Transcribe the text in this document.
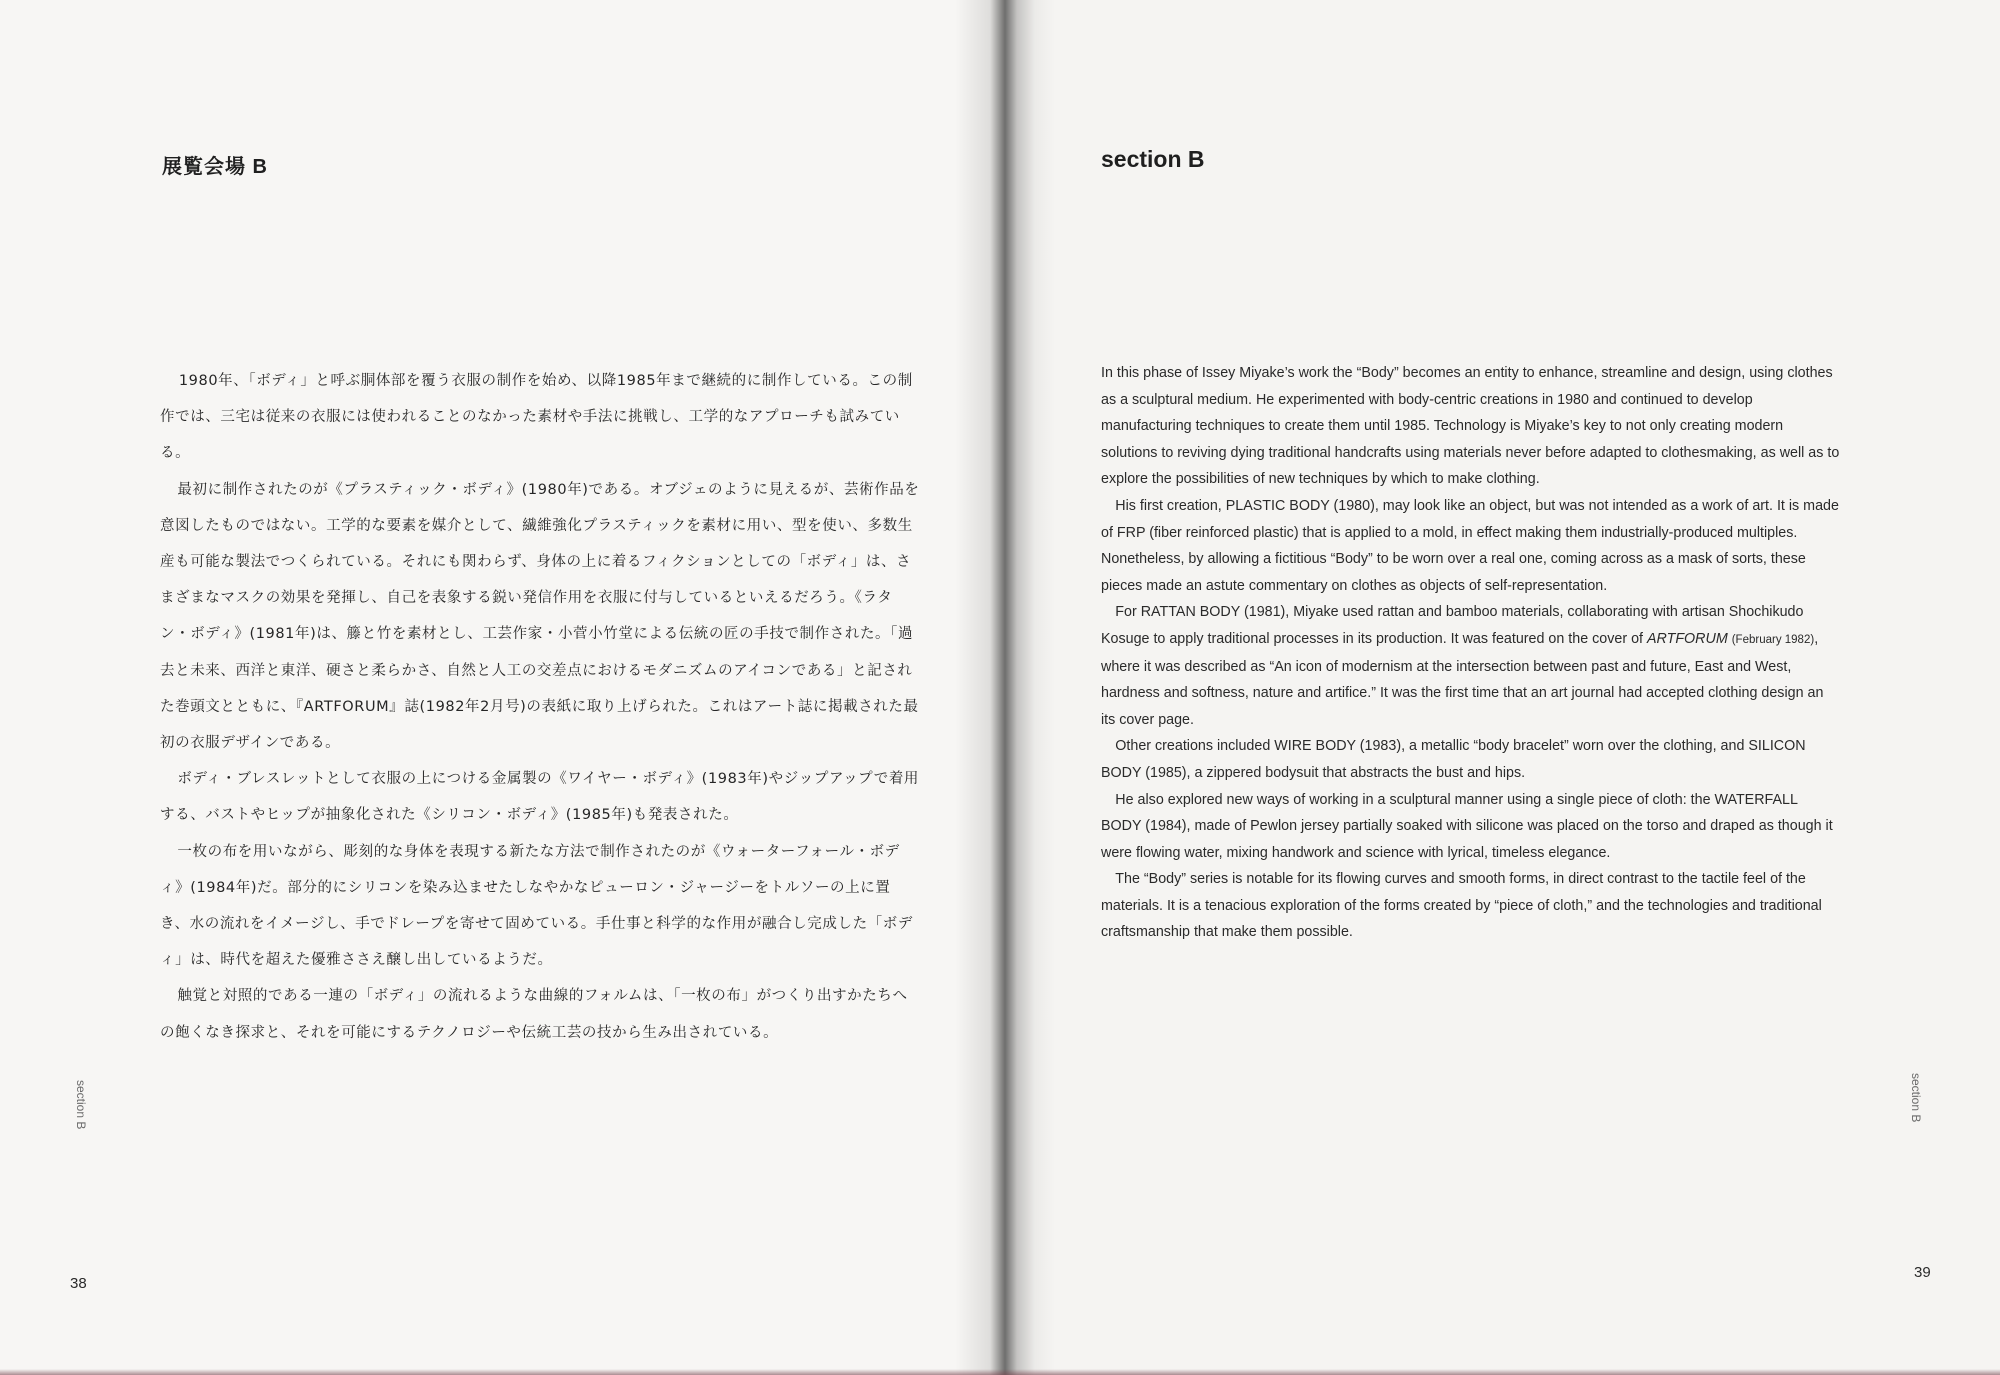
展覧会場 B

1980年、「ボディ」と呼ぶ胴体部を覆う衣服の制作を始め、以降1985年まで継続的に制作している。この制作では、三宅は従来の衣服には使われることのなかった素材や手法に挑戦し、工学的なアプローチも試みている。

最初に制作されたのが《プラスティック・ボディ》(1980年)である。オブジェのように見えるが、芸術作品を意図したものではない。工学的な要素を媒介として、繊維強化プラスティックを素材に用い、型を使い、多数生産も可能な製法でつくられている。それにも関わらず、身体の上に着るフィクションとしての「ボディ」は、さまざまなマスクの効果を発揮し、自己を表象する鋭い発信作用を衣服に付与しているといえるだろう。《ラタン・ボディ》(1981年)は、籐と竹を素材とし、工芸作家・小菅小竹堂による伝統の匠の手技で制作された。「過去と未来、西洋と東洋、硬さと柔らかさ、自然と人工の交差点におけるモダニズムのアイコンである」と記された巻頭文とともに、『ARTFORUM』誌(1982年2月号)の表紙に取り上げられた。これはアート誌に掲載された最初の衣服デザインである。

ボディ・ブレスレットとして衣服の上につける金属製の《ワイヤー・ボディ》(1983年)やジップアップで着用する、バストやヒップが抽象化された《シリコン・ボディ》(1985年)も発表された。

一枚の布を用いながら、彫刻的な身体を表現する新たな方法で制作されたのが《ウォーターフォール・ボディ》(1984年)だ。部分的にシリコンを染み込ませたしなやかなピューロン・ジャージーをトルソーの上に置き、水の流れをイメージし、手でドレープを寄せて固めている。手仕事と科学的な作用が融合し完成した「ボディ」は、時代を超えた優雅ささえ醸し出しているようだ。

触覚と対照的である一連の「ボディ」の流れるような曲線的フォルムは、「一枚の布」がつくり出すかたちへの飽くなき探求と、それを可能にするテクノロジーや伝統工芸の技から生み出されている。

section B
38
section B

In this phase of Issey Miyake’s work the “Body” becomes an entity to enhance, streamline and design, using clothes as a sculptural medium. He experimented with body-centric creations in 1980 and continued to develop manufacturing techniques to create them until 1985. Technology is Miyake’s key to not only creating modern solutions to reviving dying traditional handcrafts using materials never before adapted to clothesmaking, as well as to explore the possibilities of new techniques by which to make clothing.

His first creation, PLASTIC BODY (1980), may look like an object, but was not intended as a work of art. It is made of FRP (fiber reinforced plastic) that is applied to a mold, in effect making them industrially-produced multiples. Nonetheless, by allowing a fictitious “Body” to be worn over a real one, coming across as a mask of sorts, these pieces made an astute commentary on clothes as objects of self-representation.

For RATTAN BODY (1981), Miyake used rattan and bamboo materials, collaborating with artisan Shochikudo Kosuge to apply traditional processes in its production. It was featured on the cover of ARTFORUM (February 1982), where it was described as “An icon of modernism at the intersection between past and future, East and West, hardness and softness, nature and artifice.” It was the first time that an art journal had accepted clothing design an its cover page.

Other creations included WIRE BODY (1983), a metallic “body bracelet” worn over the clothing, and SILICON BODY (1985), a zippered bodysuit that abstracts the bust and hips.

He also explored new ways of working in a sculptural manner using a single piece of cloth: the WATERFALL BODY (1984), made of Pewlon jersey partially soaked with silicone was placed on the torso and draped as though it were flowing water, mixing handwork and science with lyrical, timeless elegance.

The “Body” series is notable for its flowing curves and smooth forms, in direct contrast to the tactile feel of the materials. It is a tenacious exploration of the forms created by “piece of cloth,” and the technologies and traditional craftsmanship that make them possible.

section B
39
